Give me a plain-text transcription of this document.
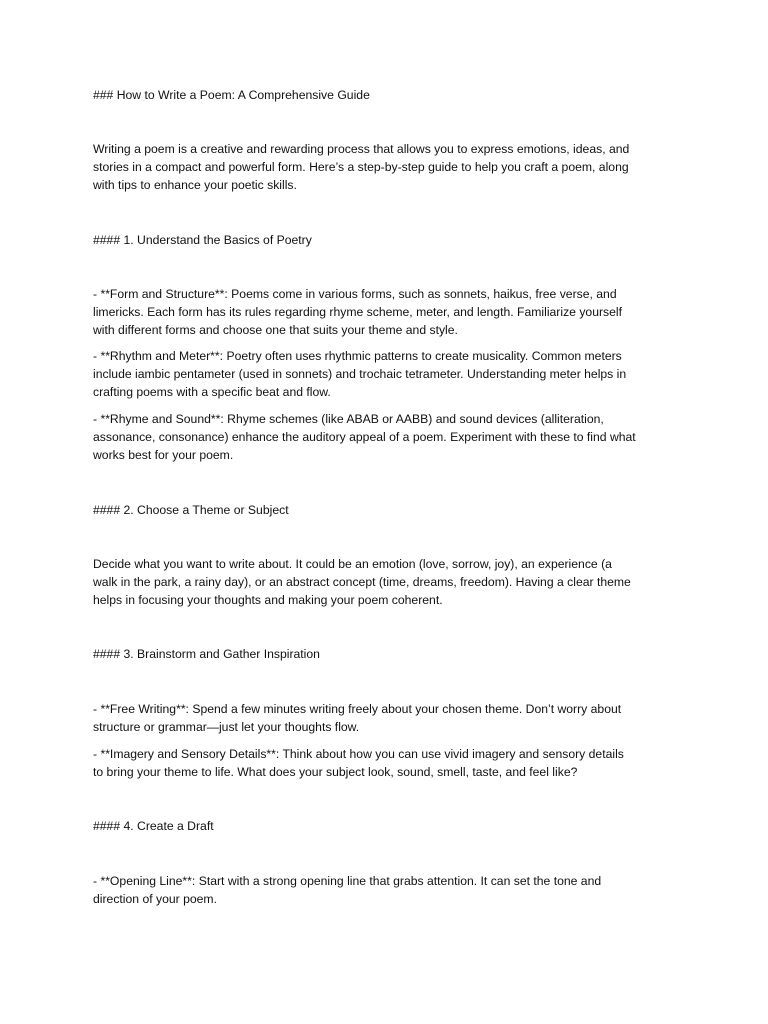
### How to Write a Poem: A Comprehensive Guide

Writing a poem is a creative and rewarding process that allows you to express emotions, ideas, and

stories in a compact and powerful form. Here’s a step-by-step guide to help you craft a poem, along

with tips to enhance your poetic skills.

#### 1. Understand the Basics of Poetry

- **Form and Structure**: Poems come in various forms, such as sonnets, haikus, free verse, and

limericks. Each form has its rules regarding rhyme scheme, meter, and length. Familiarize yourself

with different forms and choose one that suits your theme and style.

- **Rhythm and Meter**: Poetry often uses rhythmic patterns to create musicality. Common meters

include iambic pentameter (used in sonnets) and trochaic tetrameter. Understanding meter helps in

crafting poems with a specific beat and flow.

- **Rhyme and Sound**: Rhyme schemes (like ABAB or AABB) and sound devices (alliteration,

assonance, consonance) enhance the auditory appeal of a poem. Experiment with these to find what

works best for your poem.

#### 2. Choose a Theme or Subject

Decide what you want to write about. It could be an emotion (love, sorrow, joy), an experience (a

walk in the park, a rainy day), or an abstract concept (time, dreams, freedom). Having a clear theme

helps in focusing your thoughts and making your poem coherent.

#### 3. Brainstorm and Gather Inspiration

- **Free Writing**: Spend a few minutes writing freely about your chosen theme. Don’t worry about

structure or grammar—just let your thoughts flow.

- **Imagery and Sensory Details**: Think about how you can use vivid imagery and sensory details

to bring your theme to life. What does your subject look, sound, smell, taste, and feel like?

#### 4. Create a Draft

- **Opening Line**: Start with a strong opening line that grabs attention. It can set the tone and

direction of your poem.
